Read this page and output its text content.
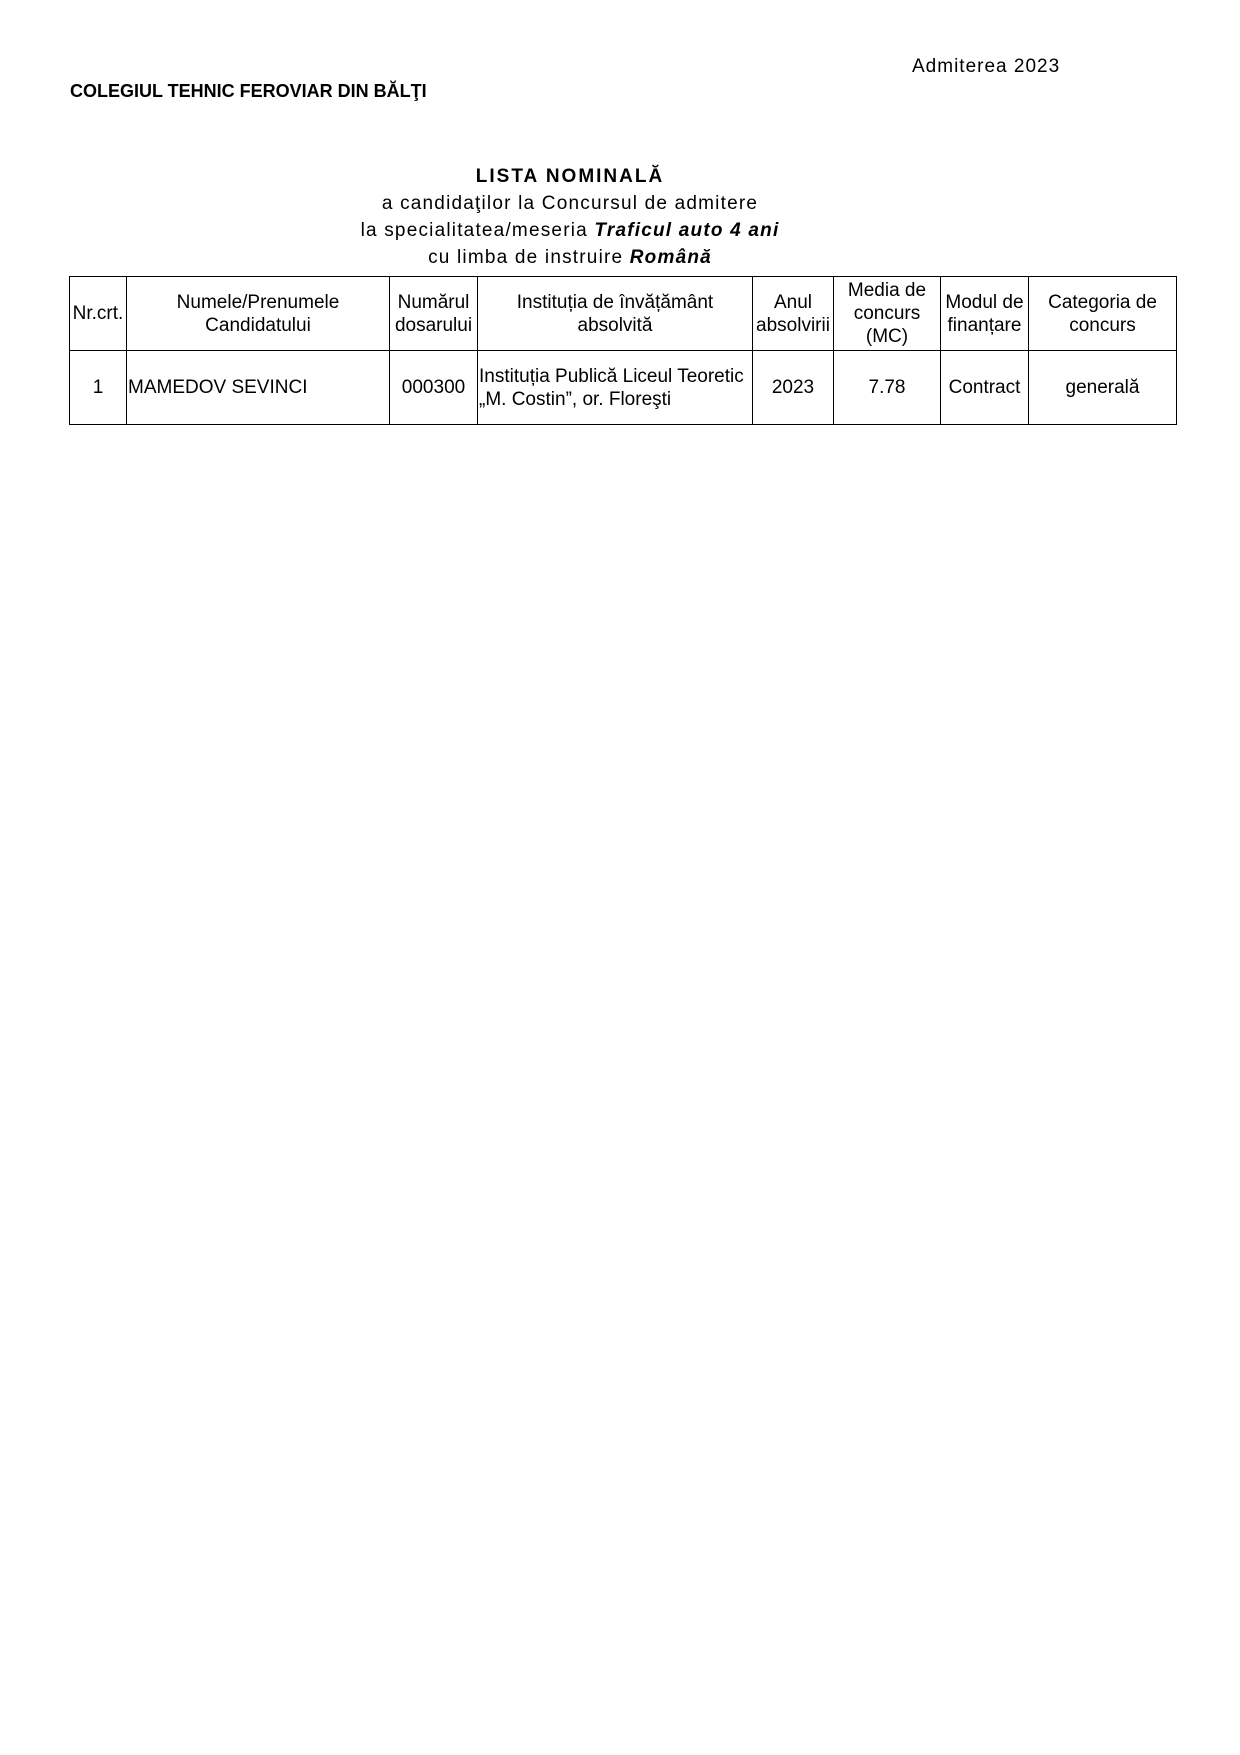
Admiterea 2023
COLEGIUL TEHNIC FEROVIAR DIN BĂLŢI
LISTA NOMINALĂ
a candidaţilor la Concursul de admitere
la specialitatea/meseria Traficul auto 4 ani
cu limba de instruire Română
Nr.crt.	Numele/Prenumele Candidatului	Numărul dosarului	Instituția de învățământ absolvită	Anul absolvirii	Media de concurs (MC)	Modul de finanțare	Categoria de concurs
1	MAMEDOV SEVINCI	000300	Instituția Publică Liceul Teoretic „M. Costin”, or. Floreşti	2023	7.78	Contract	generală
